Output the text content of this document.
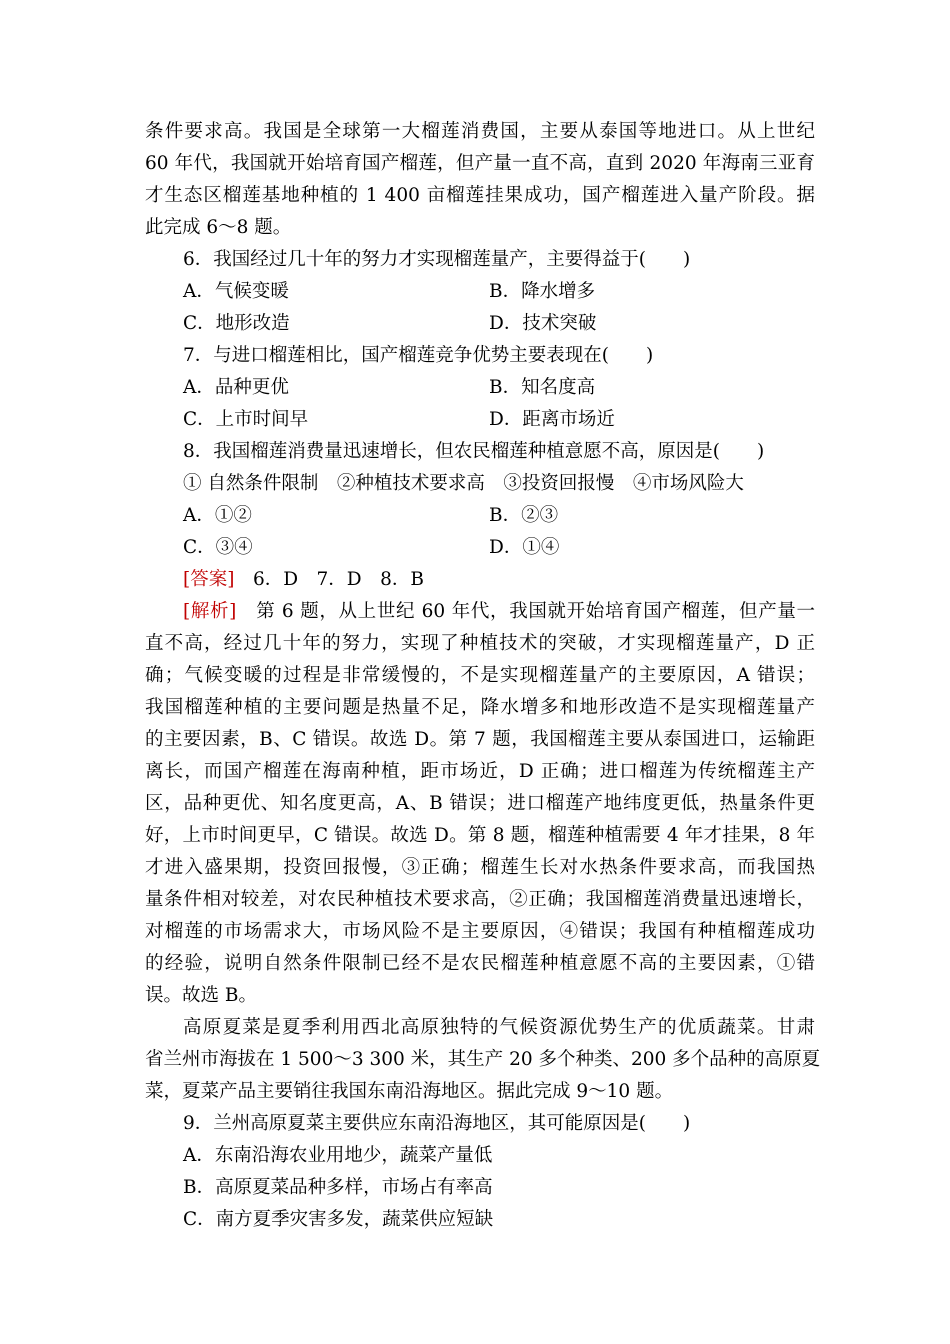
条件要求高。我国是全球第一大榴莲消费国，主要从泰国等地进口。从上世纪
60 年代，我国就开始培育国产榴莲，但产量一直不高，直到 2020 年海南三亚育
才生态区榴莲基地种植的 1 400 亩榴莲挂果成功，国产榴莲进入量产阶段。据
此完成 6～8 题。
6．我国经过几十年的努力才实现榴莲量产，主要得益于(　　)
A．气候变暖	B．降水增多
C．地形改造	D．技术突破
7．与进口榴莲相比，国产榴莲竞争优势主要表现在(　　)
A．品种更优	B．知名度高
C．上市时间早	D．距离市场近
8．我国榴莲消费量迅速增长，但农民榴莲种植意愿不高，原因是(　　)
① 自然条件限制　②种植技术要求高　③投资回报慢　④市场风险大
A．①②	B．②③
C．③④	D．①④
[答案]　6．D　7．D　8．B
[解析]　第 6 题，从上世纪 60 年代，我国就开始培育国产榴莲，但产量一
直不高，经过几十年的努力，实现了种植技术的突破，才实现榴莲量产，D 正
确；气候变暖的过程是非常缓慢的，不是实现榴莲量产的主要原因，A 错误；
我国榴莲种植的主要问题是热量不足，降水增多和地形改造不是实现榴莲量产
的主要因素，B、C 错误。故选 D。第 7 题，我国榴莲主要从泰国进口，运输距
离长，而国产榴莲在海南种植，距市场近，D 正确；进口榴莲为传统榴莲主产
区，品种更优、知名度更高，A、B 错误；进口榴莲产地纬度更低，热量条件更
好，上市时间更早，C 错误。故选 D。第 8 题，榴莲种植需要 4 年才挂果，8 年
才进入盛果期，投资回报慢，③正确；榴莲生长对水热条件要求高，而我国热
量条件相对较差，对农民种植技术要求高，②正确；我国榴莲消费量迅速增长，
对榴莲的市场需求大，市场风险不是主要原因，④错误；我国有种植榴莲成功
的经验，说明自然条件限制已经不是农民榴莲种植意愿不高的主要因素，①错
误。故选 B。
高原夏菜是夏季利用西北高原独特的气候资源优势生产的优质蔬菜。甘肃
省兰州市海拔在 1 500～3 300 米，其生产 20 多个种类、200 多个品种的高原夏
菜，夏菜产品主要销往我国东南沿海地区。据此完成 9～10 题。
9．兰州高原夏菜主要供应东南沿海地区，其可能原因是(　　)
A．东南沿海农业用地少，蔬菜产量低
B．高原夏菜品种多样，市场占有率高
C．南方夏季灾害多发，蔬菜供应短缺
